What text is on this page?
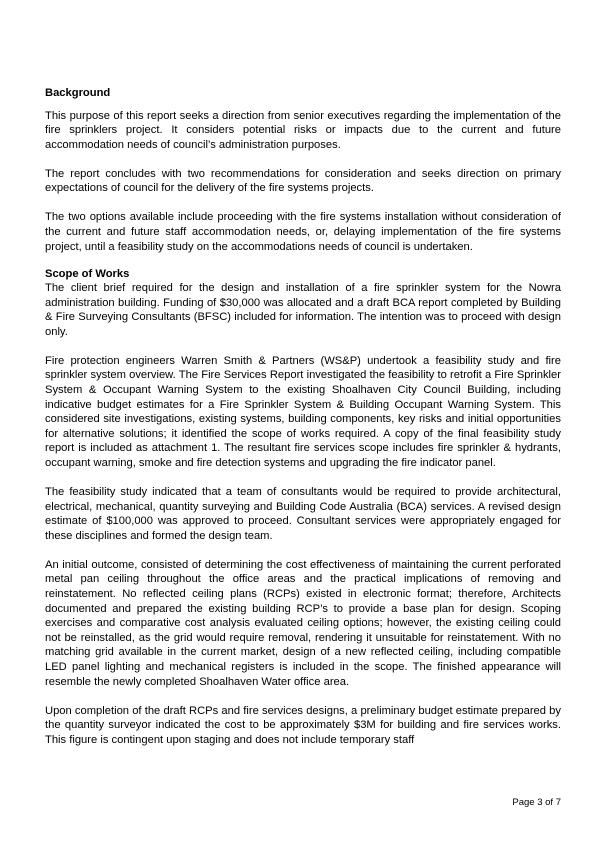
Background

This purpose of this report seeks a direction from senior executives regarding the implementation of the fire sprinklers project. It considers potential risks or impacts due to the current and future accommodation needs of council’s administration purposes.

The report concludes with two recommendations for consideration and seeks direction on primary expectations of council for the delivery of the fire systems projects.

The two options available include proceeding with the fire systems installation without consideration of the current and future staff accommodation needs, or, delaying implementation of the fire systems project, until a feasibility study on the accommodations needs of council is undertaken.

Scope of Works

The client brief required for the design and installation of a fire sprinkler system for the Nowra administration building. Funding of $30,000 was allocated and a draft BCA report completed by Building & Fire Surveying Consultants (BFSC) included for information. The intention was to proceed with design only.

Fire protection engineers Warren Smith & Partners (WS&P) undertook a feasibility study and fire sprinkler system overview. The Fire Services Report investigated the feasibility to retrofit a Fire Sprinkler System & Occupant Warning System to the existing Shoalhaven City Council Building, including indicative budget estimates for a Fire Sprinkler System & Building Occupant Warning System. This considered site investigations, existing systems, building components, key risks and initial opportunities for alternative solutions; it identified the scope of works required. A copy of the final feasibility study report is included as attachment 1. The resultant fire services scope includes fire sprinkler & hydrants, occupant warning, smoke and fire detection systems and upgrading the fire indicator panel.

The feasibility study indicated that a team of consultants would be required to provide architectural, electrical, mechanical, quantity surveying and Building Code Australia (BCA) services. A revised design estimate of $100,000 was approved to proceed. Consultant services were appropriately engaged for these disciplines and formed the design team.

An initial outcome, consisted of determining the cost effectiveness of maintaining the current perforated metal pan ceiling throughout the office areas and the practical implications of removing and reinstatement. No reflected ceiling plans (RCPs) existed in electronic format; therefore, Architects documented and prepared the existing building RCP’s to provide a base plan for design. Scoping exercises and comparative cost analysis evaluated ceiling options; however, the existing ceiling could not be reinstalled, as the grid would require removal, rendering it unsuitable for reinstatement. With no matching grid available in the current market, design of a new reflected ceiling, including compatible LED panel lighting and mechanical registers is included in the scope. The finished appearance will resemble the newly completed Shoalhaven Water office area.

Upon completion of the draft RCPs and fire services designs, a preliminary budget estimate prepared by the quantity surveyor indicated the cost to be approximately $3M for building and fire services works. This figure is contingent upon staging and does not include temporary staff

Page 3 of 7
